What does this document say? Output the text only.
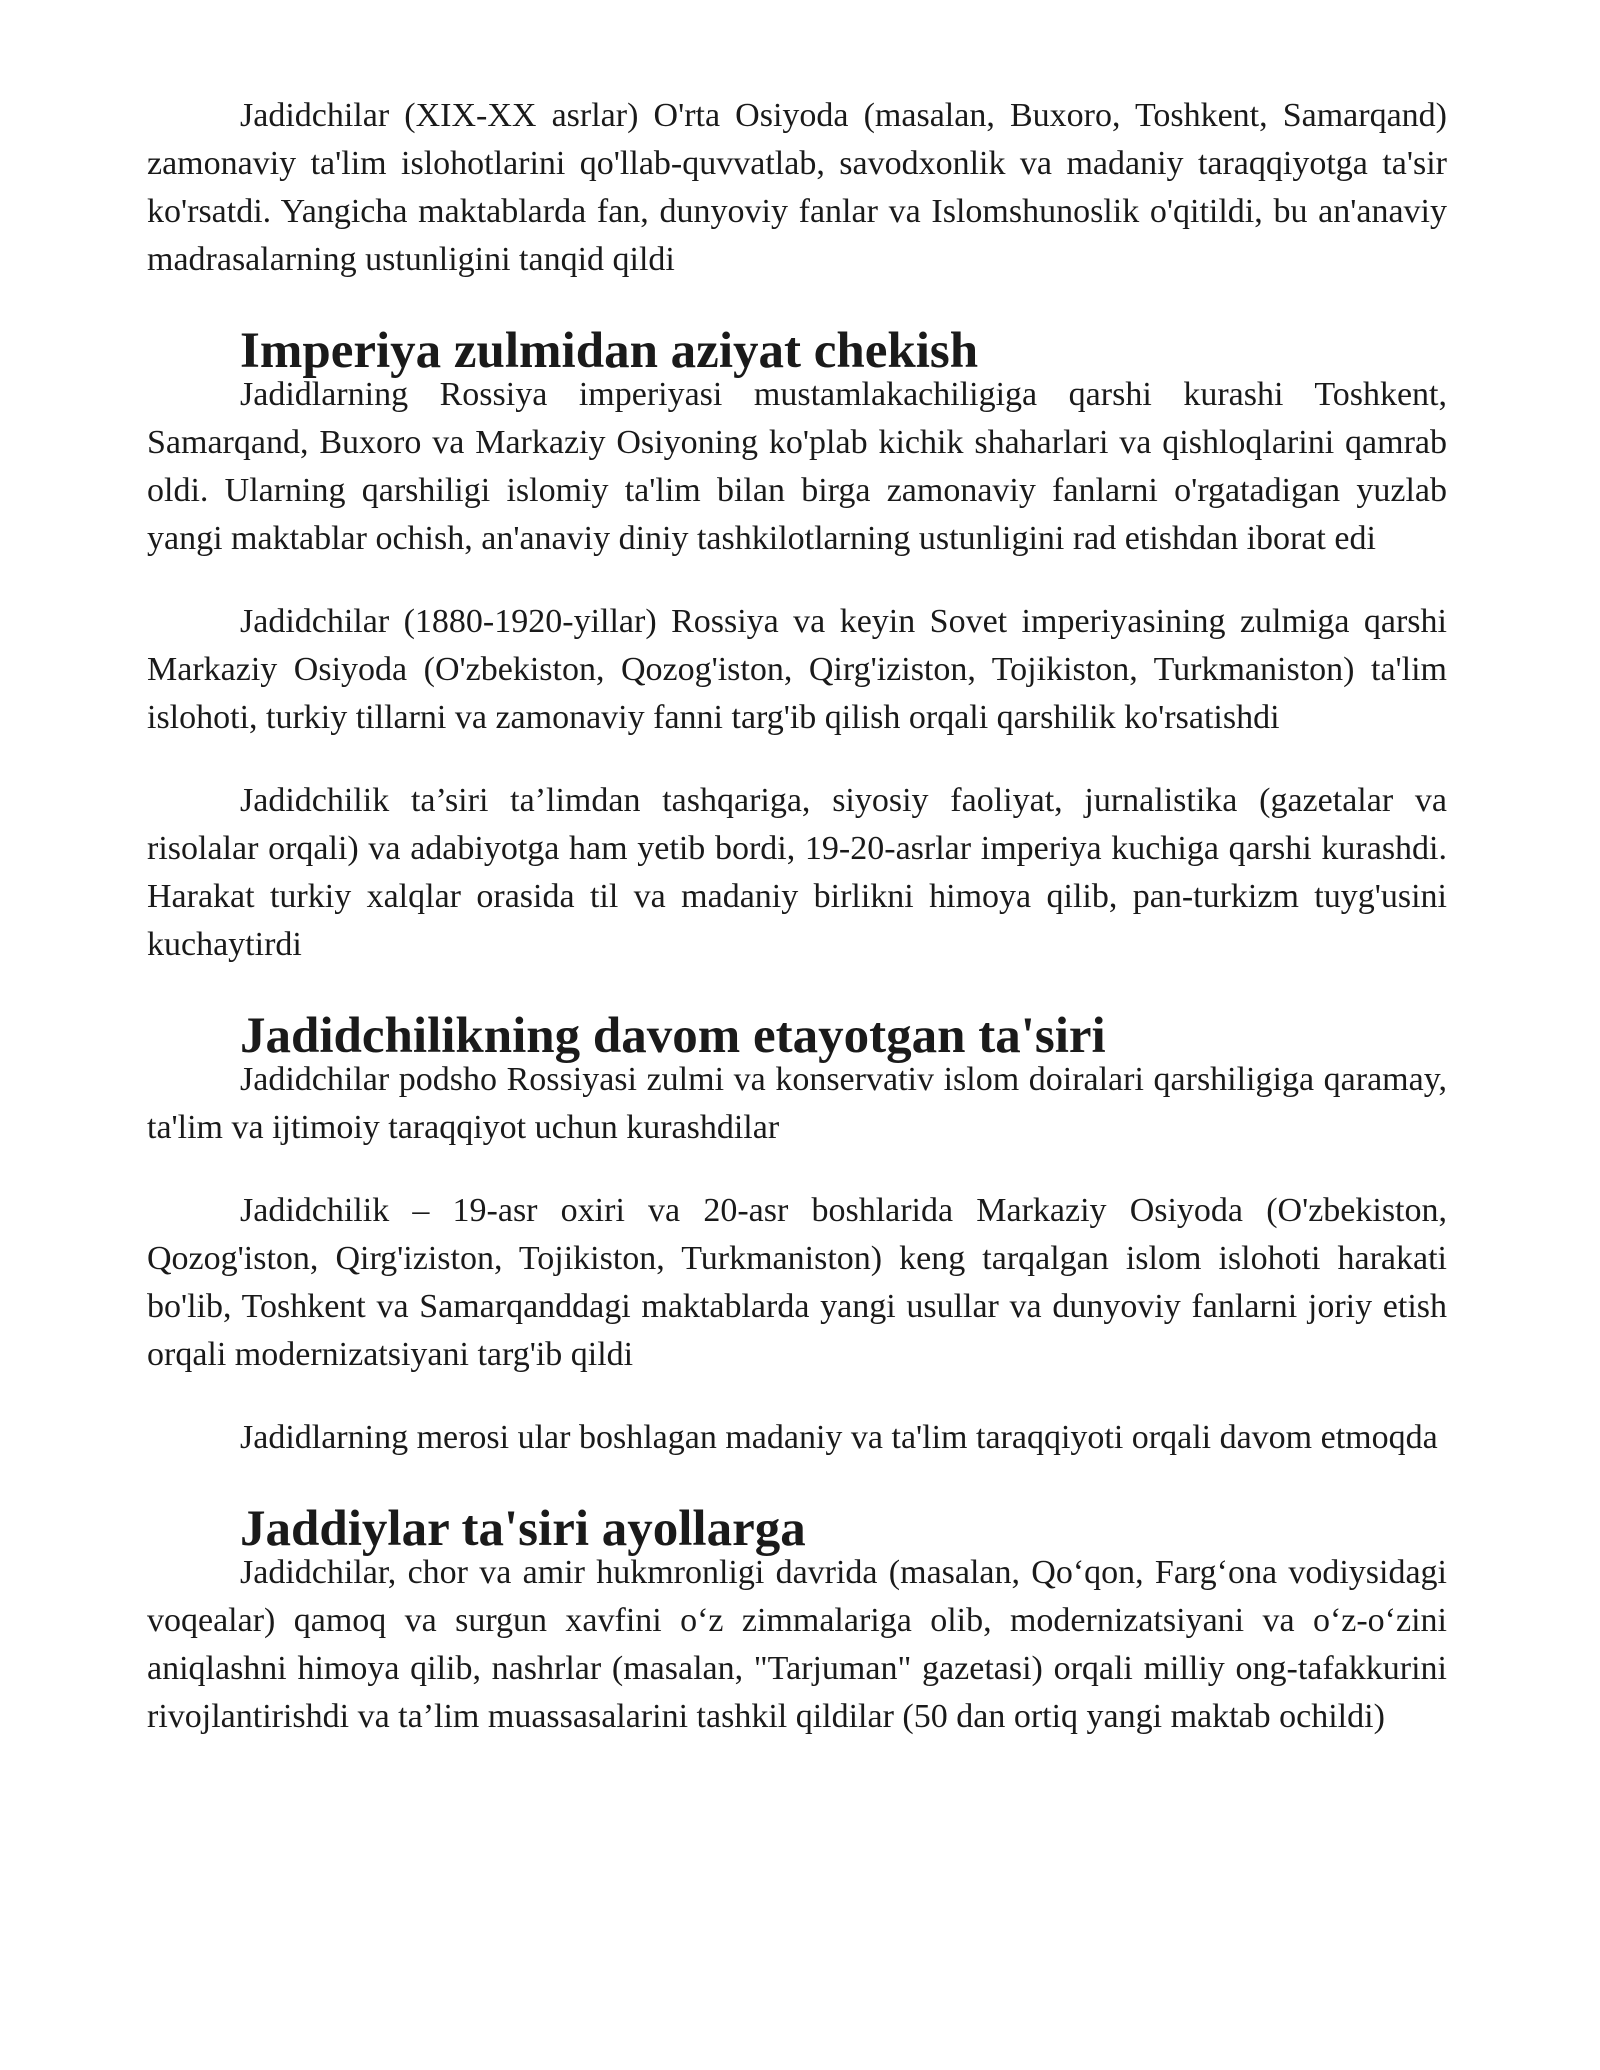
Jadidchilar (XIX-XX asrlar) O'rta Osiyoda (masalan, Buxoro, Toshkent, Samarqand) zamonaviy ta'lim islohotlarini qo'llab-quvvatlab, savodxonlik va madaniy taraqqiyotga ta'sir ko'rsatdi. Yangicha maktablarda fan, dunyoviy fanlar va Islomshunoslik o'qitildi, bu an'anaviy madrasalarning ustunligini tanqid qildi

Imperiya zulmidan aziyat chekish

Jadidlarning Rossiya imperiyasi mustamlakachiligiga qarshi kurashi Toshkent, Samarqand, Buxoro va Markaziy Osiyoning ko'plab kichik shaharlari va qishloqlarini qamrab oldi. Ularning qarshiligi islomiy ta'lim bilan birga zamonaviy fanlarni o'rgatadigan yuzlab yangi maktablar ochish, an'anaviy diniy tashkilotlarning ustunligini rad etishdan iborat edi

Jadidchilar (1880-1920-yillar) Rossiya va keyin Sovet imperiyasining zulmiga qarshi Markaziy Osiyoda (O'zbekiston, Qozog'iston, Qirg'iziston, Tojikiston, Turkmaniston) ta'lim islohoti, turkiy tillarni va zamonaviy fanni targ'ib qilish orqali qarshilik ko'rsatishdi

Jadidchilik ta’siri ta’limdan tashqariga, siyosiy faoliyat, jurnalistika (gazetalar va risolalar orqali) va adabiyotga ham yetib bordi, 19-20-asrlar imperiya kuchiga qarshi kurashdi. Harakat turkiy xalqlar orasida til va madaniy birlikni himoya qilib, pan-turkizm tuyg'usini kuchaytirdi

Jadidchilikning davom etayotgan ta'siri

Jadidchilar podsho Rossiyasi zulmi va konservativ islom doiralari qarshiligiga qaramay, ta'lim va ijtimoiy taraqqiyot uchun kurashdilar

Jadidchilik – 19-asr oxiri va 20-asr boshlarida Markaziy Osiyoda (O'zbekiston, Qozog'iston, Qirg'iziston, Tojikiston, Turkmaniston) keng tarqalgan islom islohoti harakati bo'lib, Toshkent va Samarqanddagi maktablarda yangi usullar va dunyoviy fanlarni joriy etish orqali modernizatsiyani targ'ib qildi

Jadidlarning merosi ular boshlagan madaniy va ta'lim taraqqiyoti orqali davom etmoqda

Jaddiylar ta'siri ayollarga

Jadidchilar, chor va amir hukmronligi davrida (masalan, Qo‘qon, Farg‘ona vodiysidagi voqealar) qamoq va surgun xavfini o‘z zimmalariga olib, modernizatsiyani va o‘z-o‘zini aniqlashni himoya qilib, nashrlar (masalan, "Tarjuman" gazetasi) orqali milliy ong-tafakkurini rivojlantirishdi va ta’lim muassasalarini tashkil qildilar (50 dan ortiq yangi maktab ochildi)
